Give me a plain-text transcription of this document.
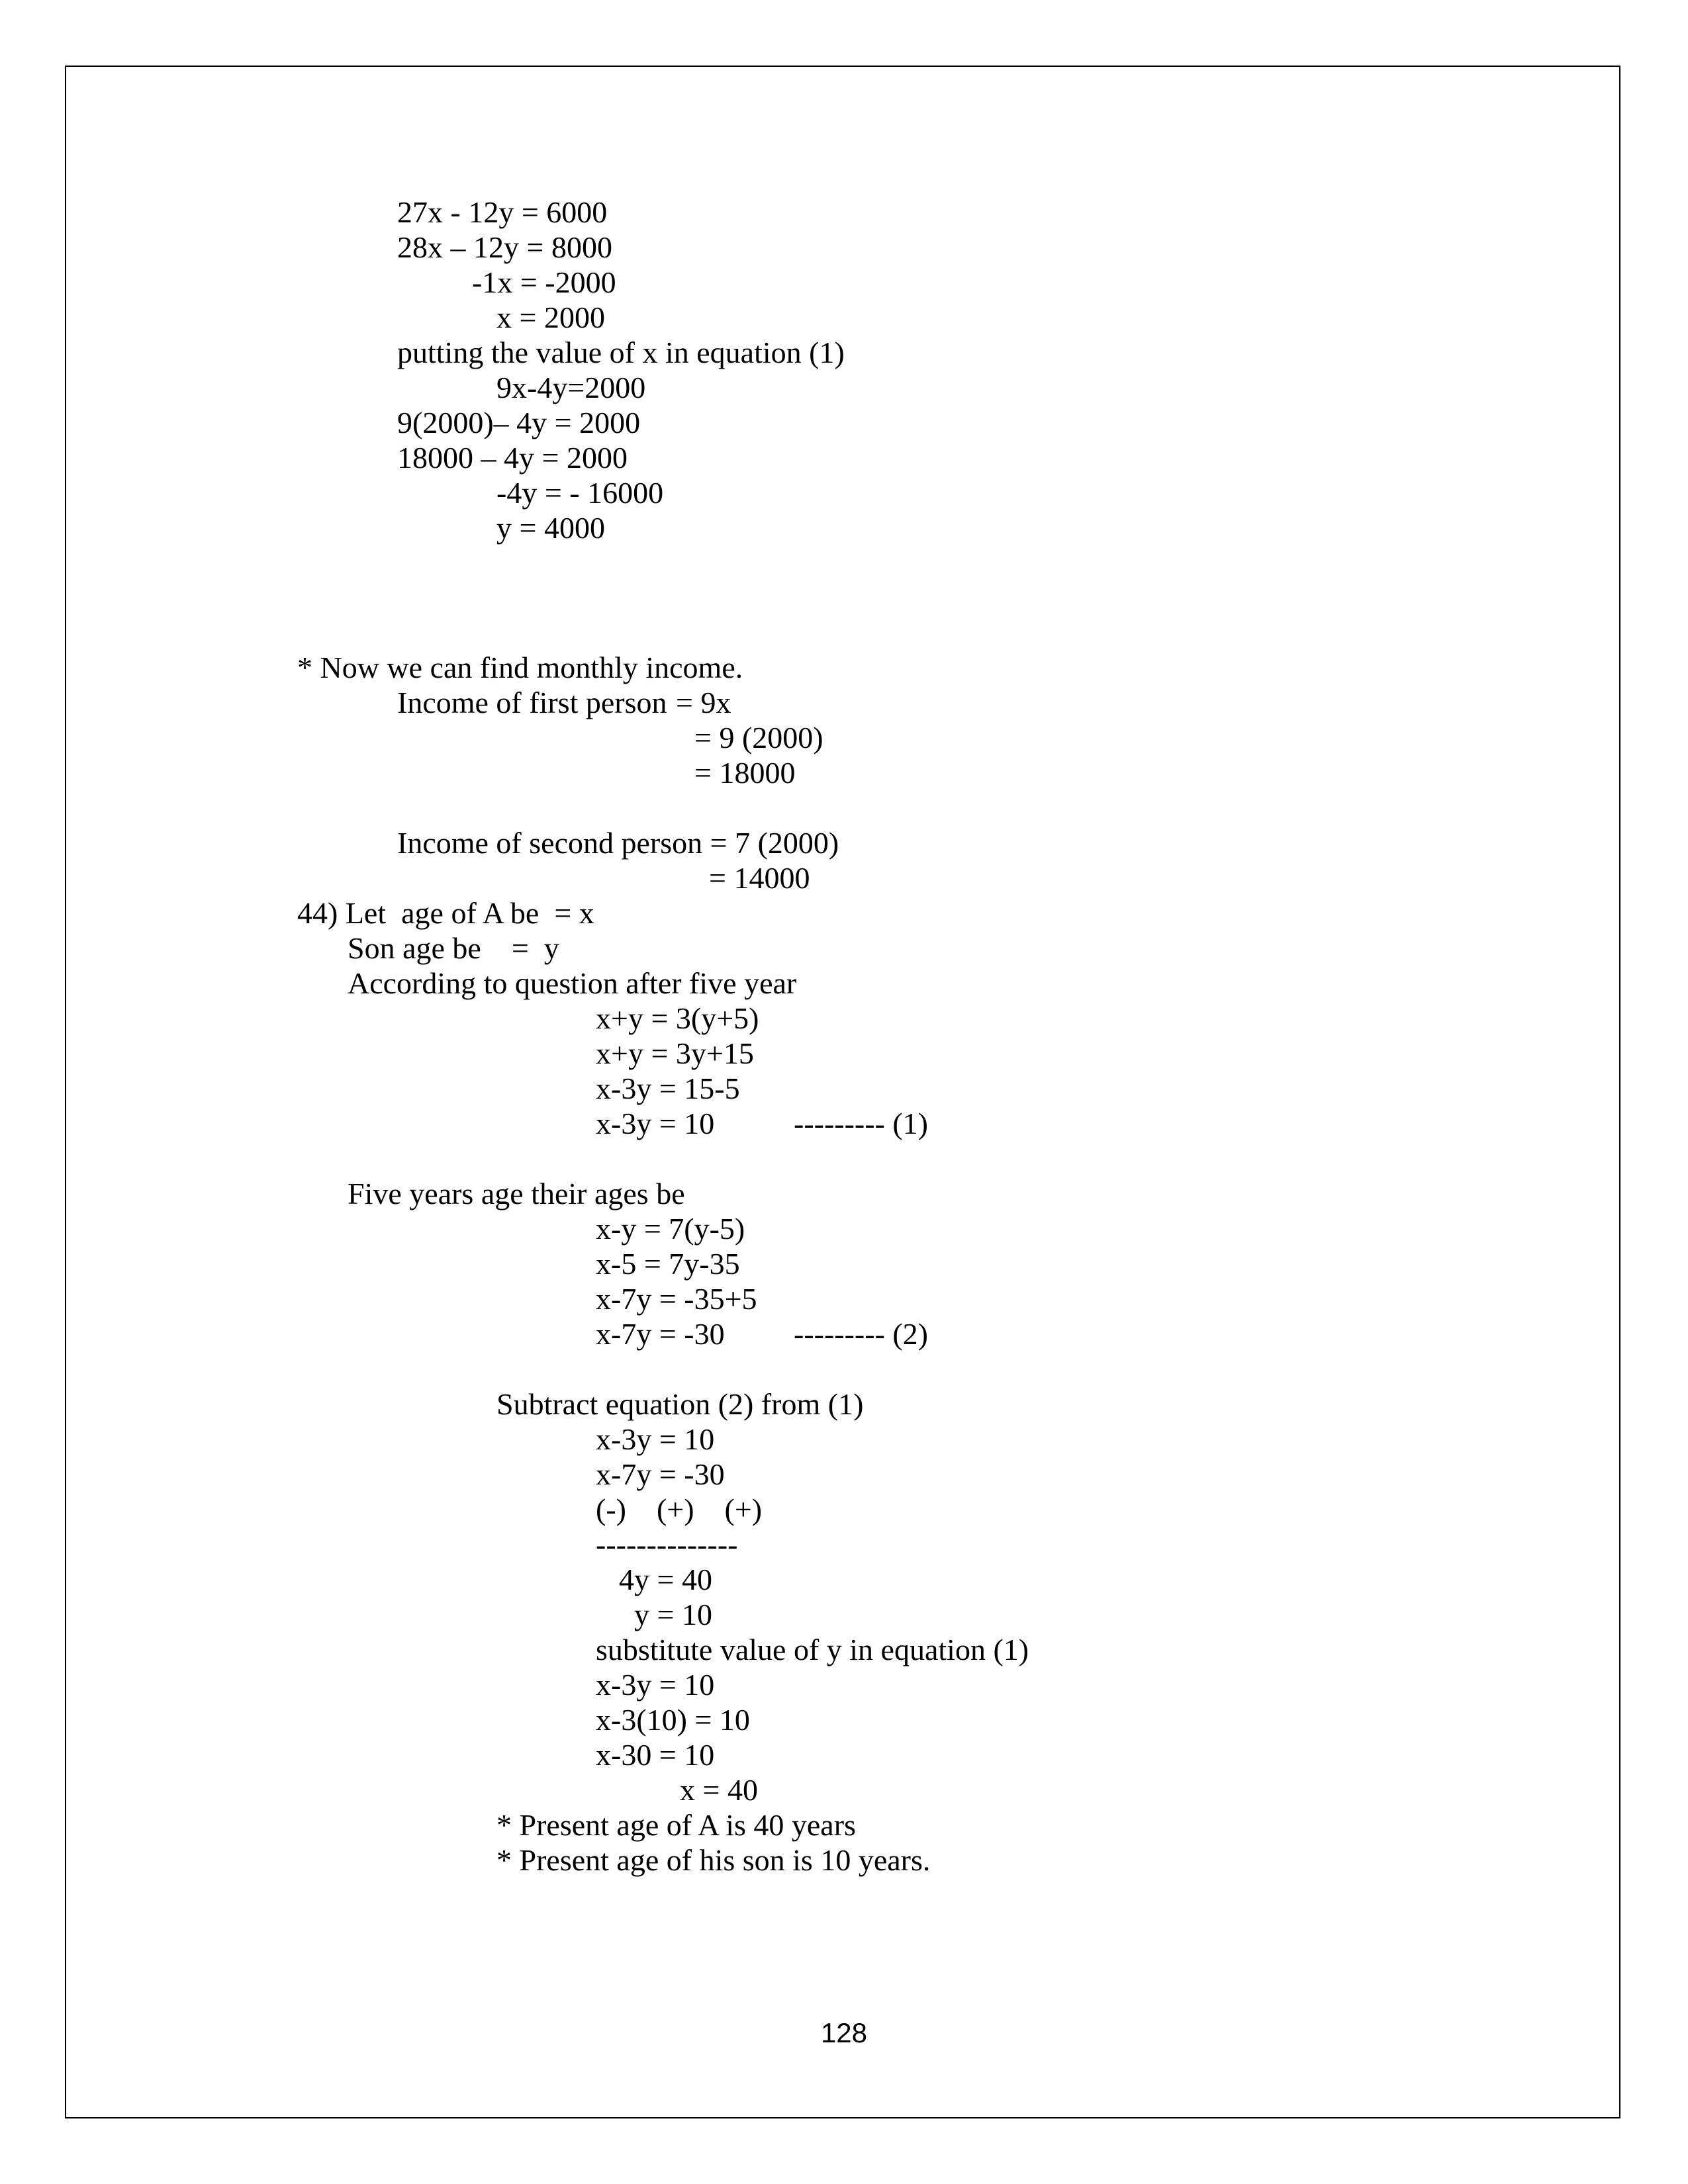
27x - 12y = 6000
28x – 12y = 8000
-1x = -2000
x = 2000
putting the value of x in equation (1)
9x-4y=2000
9(2000)– 4y = 2000
18000 – 4y = 2000
-4y = - 16000
y = 4000
* Now we can find monthly income.
Income of first person = 9x
= 9 (2000)
= 18000
Income of second person = 7 (2000)
= 14000
44) Let  age of A be  = x
Son age be    =  y
According to question after five year
x+y = 3(y+5)
x+y = 3y+15
x-3y = 15-5
x-3y = 10	--------- (1)
Five years age their ages be
x-y = 7(y-5)
x-5 = 7y-35
x-7y = -35+5
x-7y = -30 --------- (2)
Subtract equation (2) from (1)
x-3y = 10
x-7y = -30
(-)    (+)    (+)
--------------
4y = 40
y = 10
substitute value of y in equation (1)
x-3y = 10
x-3(10) = 10
x-30 = 10
x = 40
* Present age of A is 40 years
* Present age of his son is 10 years.
128
